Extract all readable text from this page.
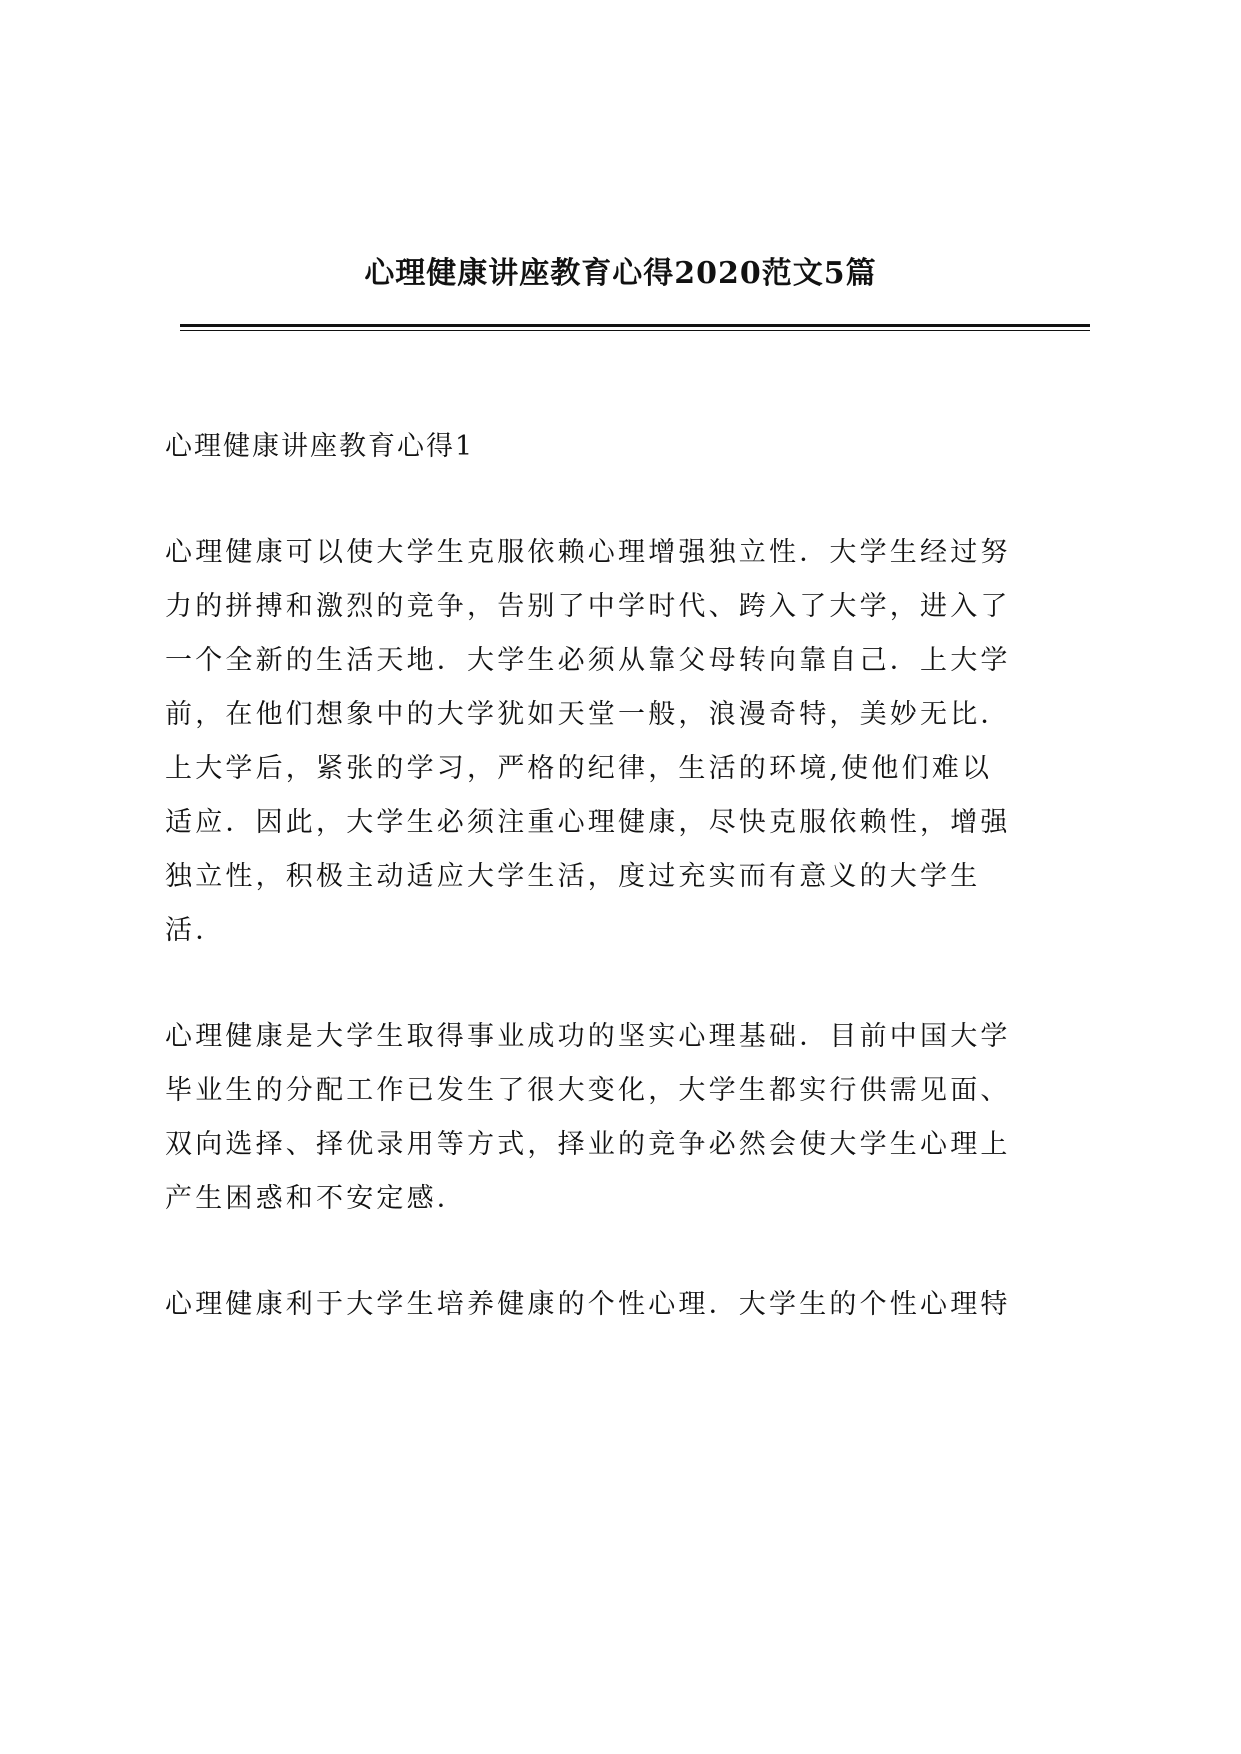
心理健康讲座教育心得2020范文5篇
心理健康讲座教育心得1
心理健康可以使大学生克服依赖心理增强独立性．大学生经过努
力的拼搏和激烈的竞争，告别了中学时代、跨入了大学，进入了
一个全新的生活天地．大学生必须从靠父母转向靠自己．上大学
前，在他们想象中的大学犹如天堂一般，浪漫奇特，美妙无比．
上大学后，紧张的学习，严格的纪律，生活的环境,使他们难以
适应．因此，大学生必须注重心理健康，尽快克服依赖性，增强
独立性，积极主动适应大学生活，度过充实而有意义的大学生
活．
心理健康是大学生取得事业成功的坚实心理基础．目前中国大学
毕业生的分配工作已发生了很大变化，大学生都实行供需见面、
双向选择、择优录用等方式，择业的竞争必然会使大学生心理上
产生困惑和不安定感．
心理健康利于大学生培养健康的个性心理．大学生的个性心理特
